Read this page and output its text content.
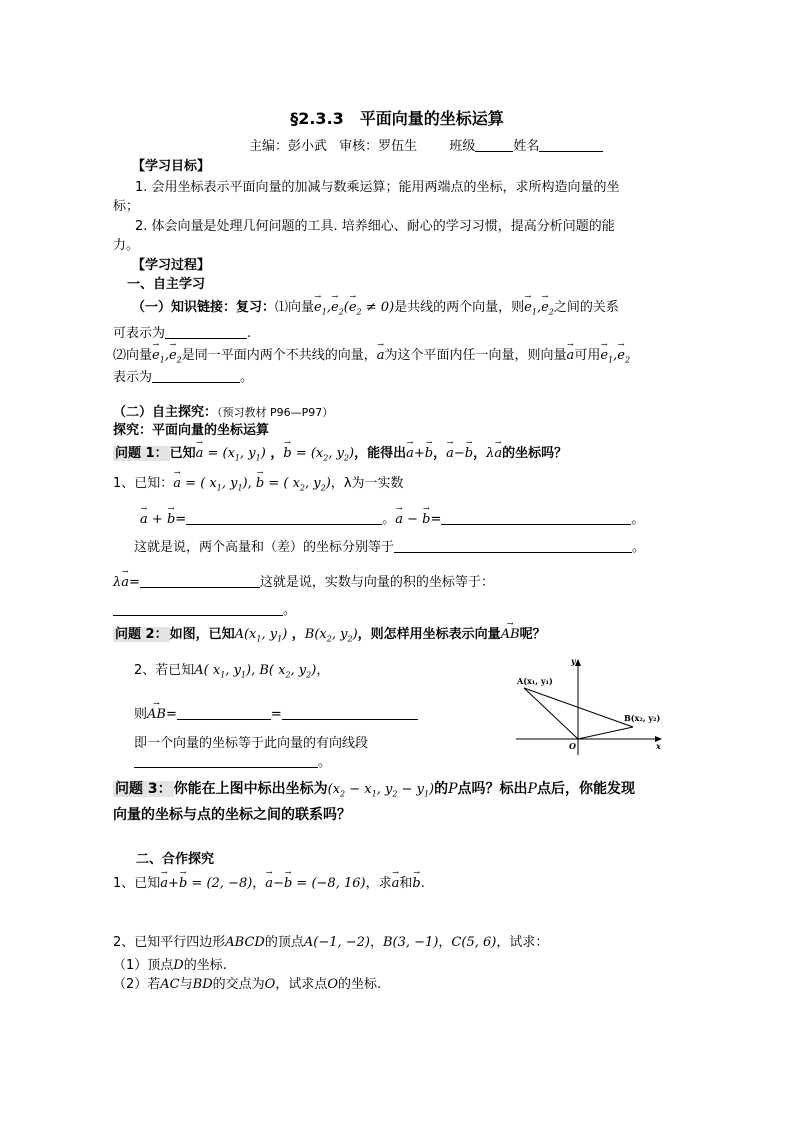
§2.3.3　平面向量的坐标运算
主编：彭小武 审核：罗伍生 班级	姓名
【学习目标】
1. 会用坐标表示平面向量的加减与数乘运算；能用两端点的坐标，求所构造向量的坐
标；
2. 体会向量是处理几何问题的工具. 培养细心、耐心的学习习惯，提高分析问题的能
力。
【学习过程】
一、自主学习
（一）知识链接：复习：⑴向量→ $e_1,\to e_2(\to e_2 \ne 0)$是共线的两个向量，则→ $e_1,\to e_2$之间的关系
可表示为	.
⑵向量→ $e_1,\to e_2$是同一平面内两个不共线的向量，→ a为这个平面内任一向量，则向量→ a可用→ $e_1,\to e_2$
表示为	。
（二）自主探究：（预习教材 P96—P97）
探究：平面向量的坐标运算
问题 1： 已知→ $a = (x_1$, $y_1$) ，→ $b = (x_2$, $y_2$)，能得出→ a+→ b，→ a−→ b，λ→ a的坐标吗？
1、已知：→ a = ( $x_1$, $y_1$), → b = ( $x_2$, $y_2$)，λ为一实数
→ a + → b=	。→ a − → b=	。
这就是说，两个高量和（差）的坐标分别等于	。
λ→ a=	这就是说，实数与向量的积的坐标等于：
。
问题 2： 如图，已知$A(x_1$, $y_1$) ，$B(x_2$, $y_2$)，则怎样用坐标表示向量→ AB呢？
2、若已知A( $x_1$, $y_1$), B( $x_2$, $y_2$)，
则→ AB=	=
即一个向量的坐标等于此向量的有向线段
。
问题 3： 你能在上图中标出坐标为($x_2 - x_1$, $y_2 - y_1$)的P点吗？标出P点后，你能发现
向量的坐标与点的坐标之间的联系吗？
二、合作探究
1、已知→ a+→ b = (2, −8)，→ a−→ b = (−8, 16)，求→ a和→ b.
2、已知平行四边形ABCD的顶点A(−1, −2)，B(3, −1)，C(5, 6)，试求：
（1）顶点D的坐标.
（2）若AC与BD的交点为O，试求点O的坐标.
A(x₁, y₁)
B(x₂, y₂)
O	x
y
